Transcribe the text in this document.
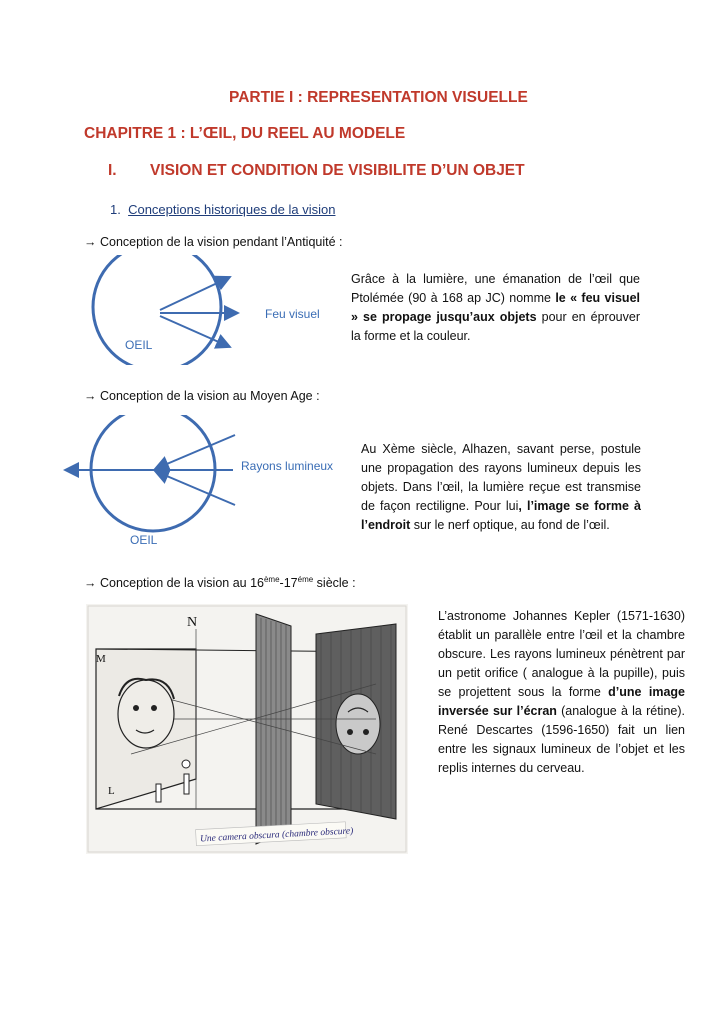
PARTIE I : REPRESENTATION VISUELLE
CHAPITRE 1 : L’ŒIL, DU REEL AU MODELE
I. VISION ET CONDITION DE VISIBILITE D’UN OBJET
1. Conceptions historiques de la vision
→ Conception de la vision pendant l’Antiquité :
OEIL
Feu visuel
Grâce à la lumière, une émanation de l’œil que Ptolémée (90 à 168 ap JC) nomme le « feu visuel » se propage jusqu’aux objets pour en éprouver la forme et la couleur.
→ Conception de la vision au Moyen Age :
OEIL
Rayons lumineux
Au Xème siècle, Alhazen, savant perse, postule une propagation des rayons lumineux depuis les objets. Dans l’œil, la lumière reçue est transmise de façon rectiligne. Pour lui, l’image se forme à l’endroit sur le nerf optique, au fond de l’œil.
→ Conception de la vision au $16ème-17^{éme}$ siècle :
N
M
L
Une camera obscura (chambre obscure)
L’astronome Johannes Kepler (1571-1630) établit un parallèle entre l’œil et la chambre obscure. Les rayons lumineux pénètrent par un petit orifice ( analogue à la pupille), puis se projettent sous la forme d’une image inversée sur l’écran (analogue à la rétine). René Descartes (1596-1650) fait un lien entre les signaux lumineux de l’objet et les replis internes du cerveau.
